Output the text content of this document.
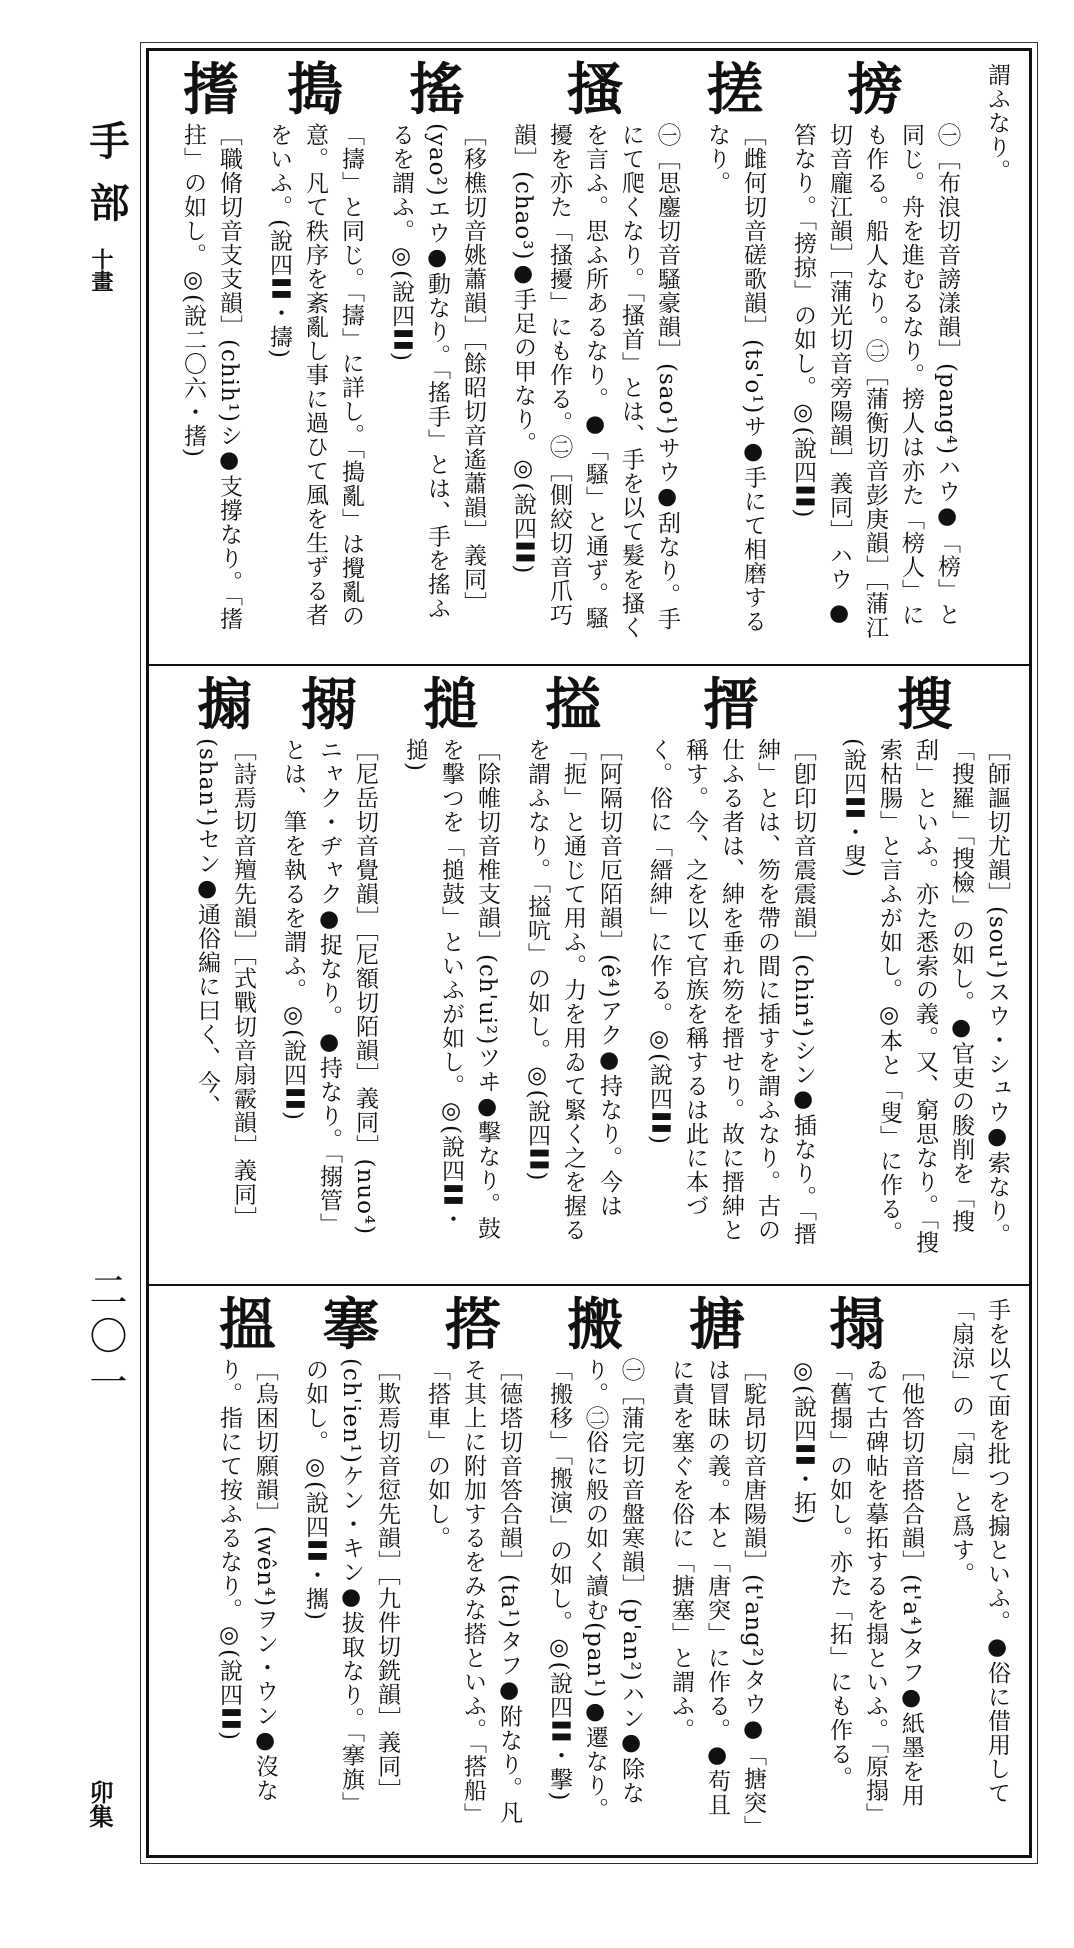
手部
十畫
二〇一
卯集
謂ふなり。
搒
㊀［布浪切音謗漾韻］(pang⁴)ハウ●「榜」と同じ。舟を進むるなり。搒人は亦た「榜人」にも作る。船人なり。㊁［蒲衡切音彭庚韻］［蒲江切音龐江韻］［蒲光切音旁陽韻］義同］ハウ ●笞なり。「搒掠」の如し。◎(說四〓)
搓
［雌何切音磋歌韻］(ts'o¹)サ●手にて相磨するなり。
搔
㊀［思鏖切音騷豪韻］(sao¹)サウ●刮なり。手にて爬くなり。「搔首」とは、手を以て髮を搔くを言ふ。思ふ所あるなり。●「騷」と通ず。騷擾を亦た「搔擾」にも作る。㊁［側絞切音爪巧韻］(chao³)●手足の甲なり。◎(說四〓)
搖
［移樵切音姚蕭韻］［餘昭切音遙蕭韻］義同］(yao²)エウ●動なり。「搖手」とは、手を搖ふるを謂ふ。◎(說四〓)
搗
「擣」と同じ。「擣」に詳し。「搗亂」は攪亂の意。凡て秩序を紊亂し事に過ひて風を生ずる者をいふ。(說四〓・擣)
搘
［職脩切音支支韻］(chih¹)シ●支撐なり。「搘拄」の如し。◎(說二〇六・搘)
搜
［師謳切尤韻］(sou¹)スウ・シュウ●索なり。「搜羅」「搜檢」の如し。●官吏の朘削を「搜刮」といふ。亦た悉索の義。又、窮思なり。「搜索枯腸」と言ふが如し。◎本と「叟」に作る。(說四〓・叟)
搢
［卽印切音震震韻］(chin⁴)シン●插なり。「搢紳」とは、笏を帶の間に插すを謂ふなり。古の仕ふる者は、紳を垂れ笏を搢せり。故に搢紳と稱す。今、之を以て官族を稱するは此に本づく。俗に「縉紳」に作る。◎(說四〓)
搤
［阿隔切音厄陌韻］(ê⁴)アク●持なり。今は「扼」と通じて用ふ。力を用ゐて緊く之を握るを謂ふなり。「搤吭」の如し。◎(說四〓)
搥
［除帷切音椎支韻］(ch'ui²)ツヰ●擊なり。鼓を擊つを「搥鼓」といふが如し。◎(說四〓・搥)
搦
［尼岳切音覺韻］［尼額切陌韻］義同］(nuo⁴)ニャク・ヂャク●捉なり。●持なり。「搦管」とは、筆を執るを謂ふ。◎(說四〓)
搧
［詩焉切音羶先韻］［式戰切音扇霰韻］義同］(shan¹)セン●通俗編に曰く、今、
手を以て面を批つを搧といふ。●俗に借用して「扇涼」の「扇」と爲す。
搨
［他答切音搭合韻］(t'a⁴)タフ●紙墨を用ゐて古碑帖を摹拓するを搨といふ。「原搨」「舊搨」の如し。亦た「拓」にも作る。◎(說四〓・拓)
搪
［駝昂切音唐陽韻］(t'ang²)タウ●「搪突」は冒昧の義。本と「唐突」に作る。●苟且に責を塞ぐを俗に「搪塞」と謂ふ。
搬
㊀［蒲完切音盤寒韻］(p'an²)ハン●除なり。㊁俗に般の如く讀む(pan¹)●遷なり。「搬移」「搬演」の如し。◎(說四〓・擊)
搭
［德塔切音答合韻］(ta¹)タフ●附なり。凡そ其上に附加するをみな搭といふ。「搭船」「搭車」の如し。
搴
［欺焉切音愆先韻］［九件切銑韻］義同］(ch'ien¹)ケン・キン●拔取なり。「搴旗」の如し。◎(說四〓・𢹂)
搵
［烏困切願韻］(wên⁴)ヲン・ウン●沒なり。指にて按ふるなり。◎(說四〓)
